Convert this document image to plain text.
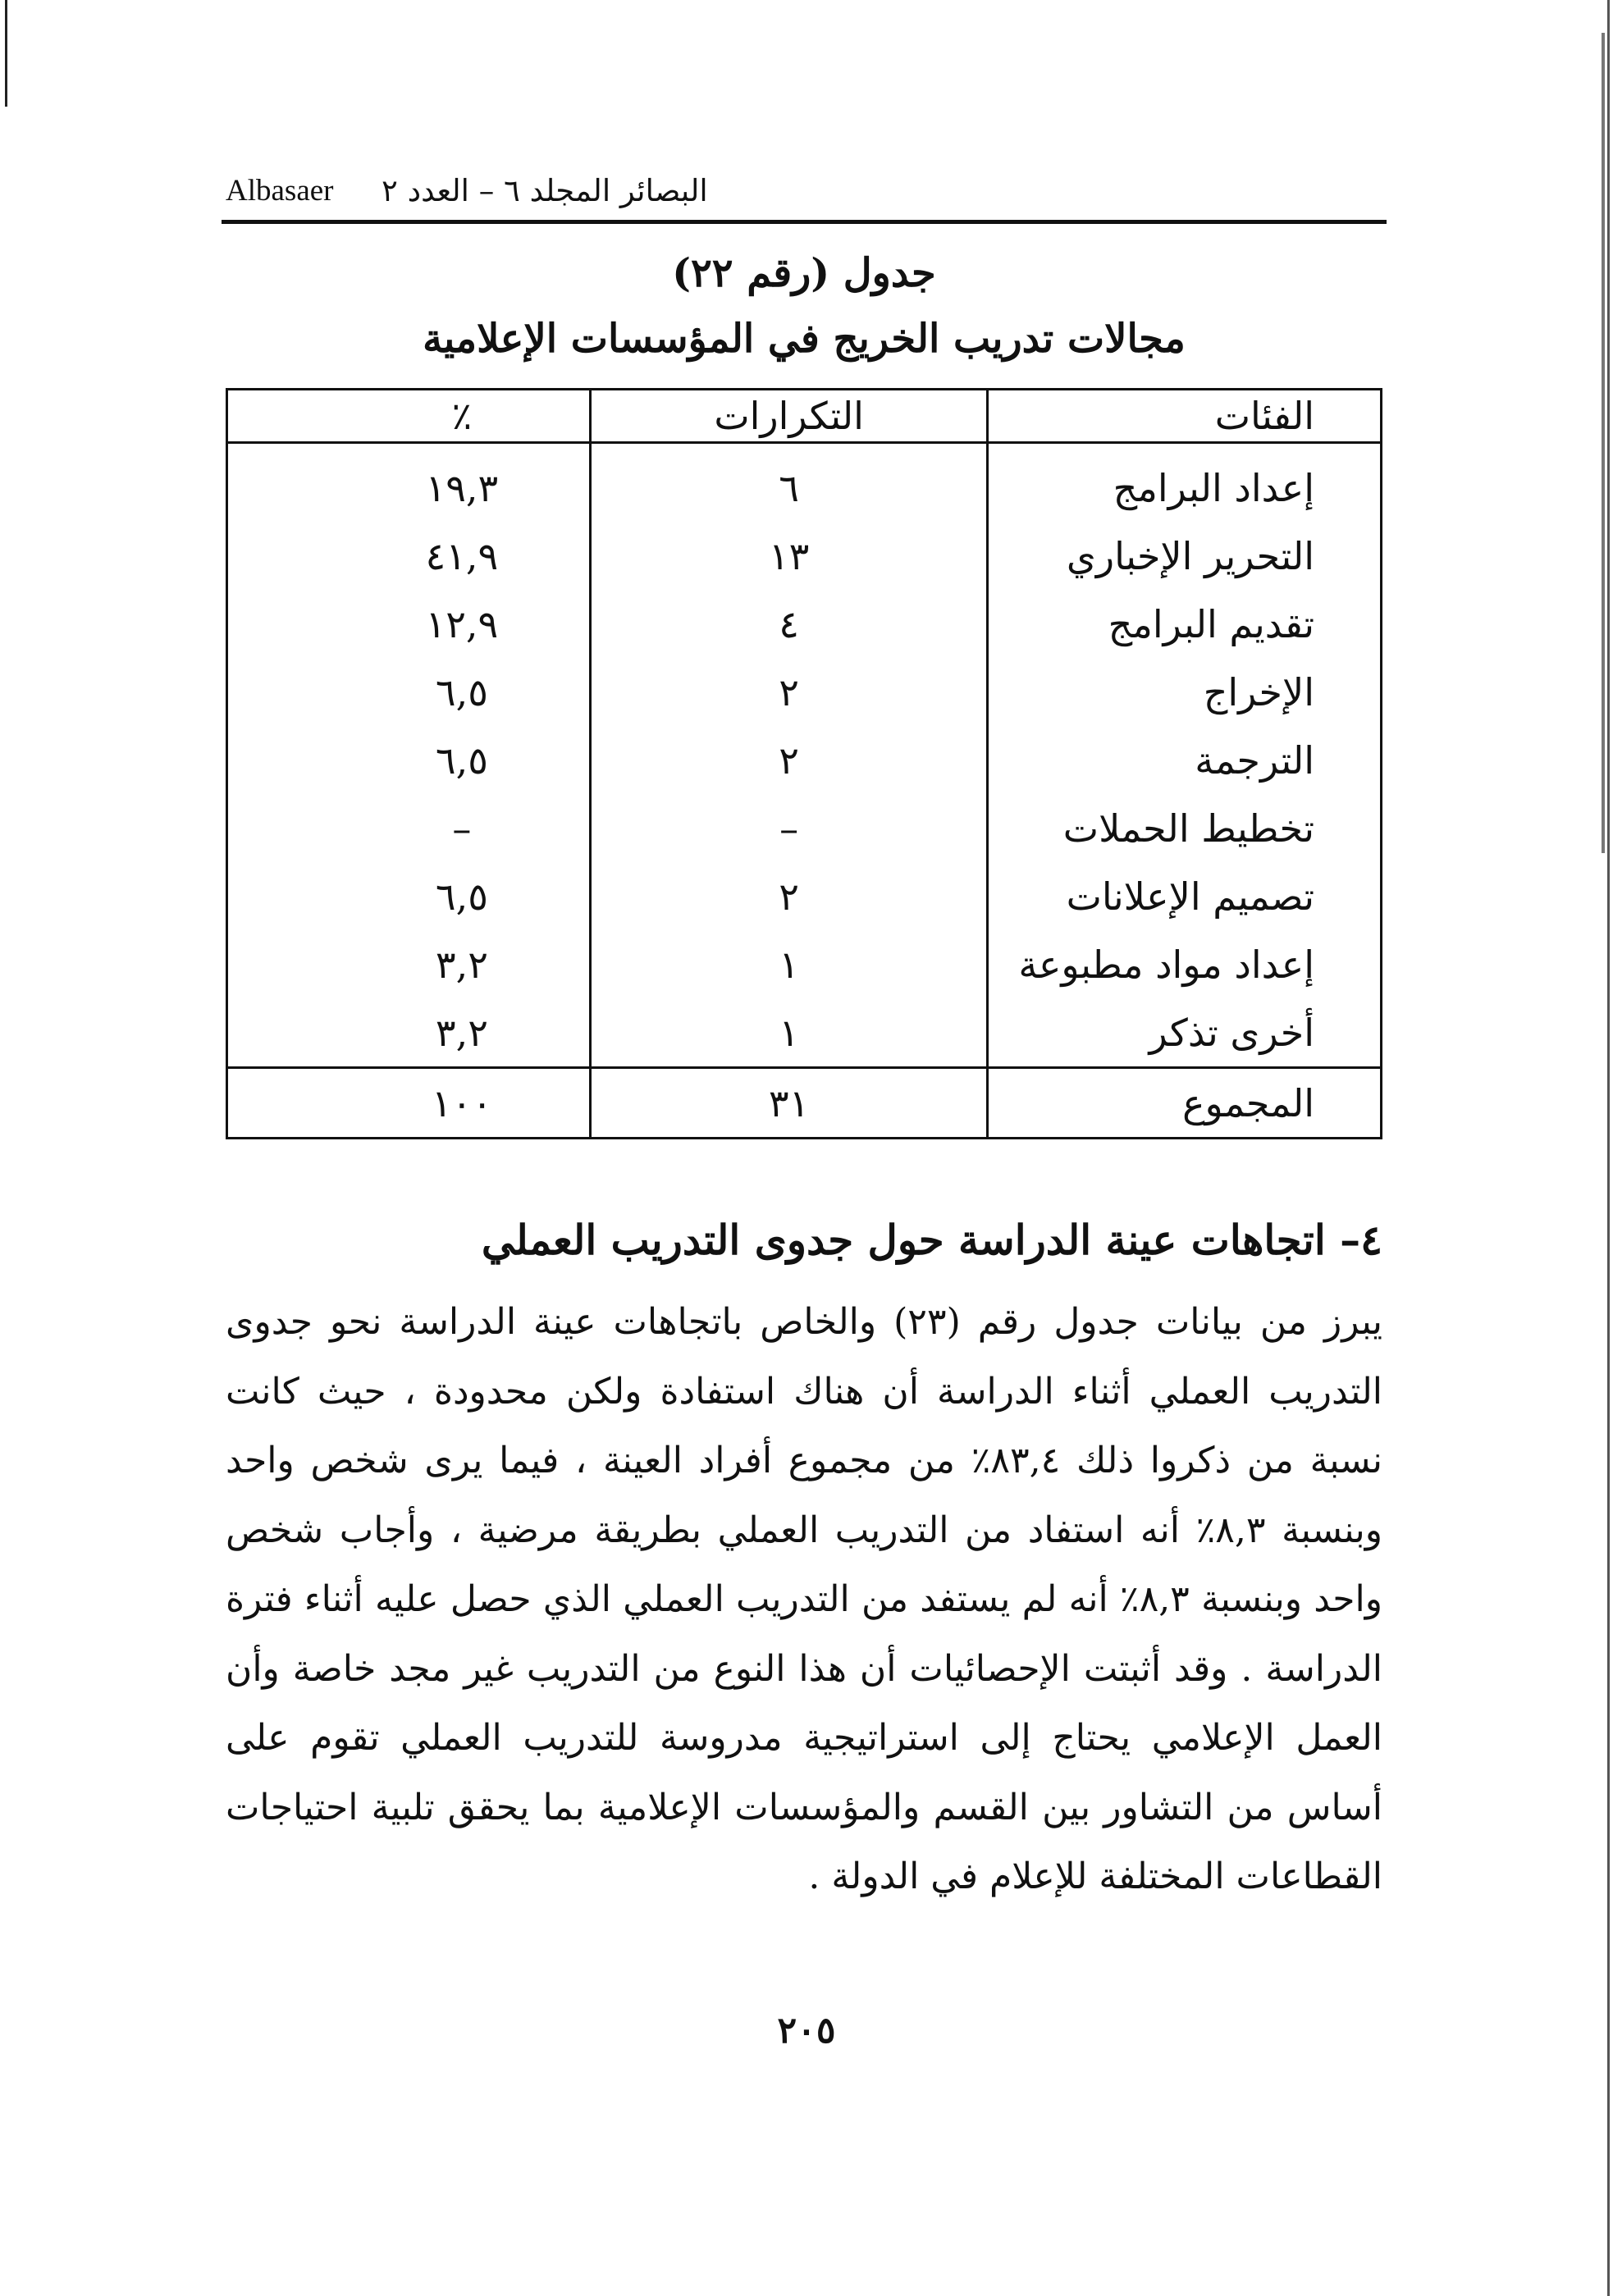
Albasaer البصائر المجلد ٦ – العدد ٢
جدول (رقم ٢٢)
مجالات تدريب الخريج في المؤسسات الإعلامية
الفئات	التكرارات	٪
إعداد البرامج	٦	١٩,٣
التحرير الإخباري	١٣	٤١,٩
تقديم البرامج	٤	١٢,٩
الإخراج	٢	٦,٥
الترجمة	٢	٦,٥
تخطيط الحملات	–	–
تصميم الإعلانات	٢	٦,٥
إعداد مواد مطبوعة	١	٣,٢
أخرى تذكر	١	٣,٢
المجموع	٣١	١٠٠
٤– اتجاهات عينة الدراسة حول جدوى التدريب العملي

يبرز من بيانات جدول رقم (٢٣) والخاص باتجاهات عينة الدراسة نحو جدوى التدريب العملي أثناء الدراسة أن هناك استفادة ولكن محدودة ، حيث كانت نسبة من ذكروا ذلك ٨٣,٤٪ من مجموع أفراد العينة ، فيما يرى شخص واحد وبنسبة ٨,٣٪ أنه استفاد من التدريب العملي بطريقة مرضية ، وأجاب شخص واحد وبنسبة ٨,٣٪ أنه لم يستفد من التدريب العملي الذي حصل عليه أثناء فترة الدراسة . وقد أثبتت الإحصائيات أن هذا النوع من التدريب غير مجد خاصة وأن العمل الإعلامي يحتاج إلى استراتيجية مدروسة للتدريب العملي تقوم على أساس من التشاور بين القسم والمؤسسات الإعلامية بما يحقق تلبية احتياجات القطاعات المختلفة للإعلام في الدولة .

٢٠٥
